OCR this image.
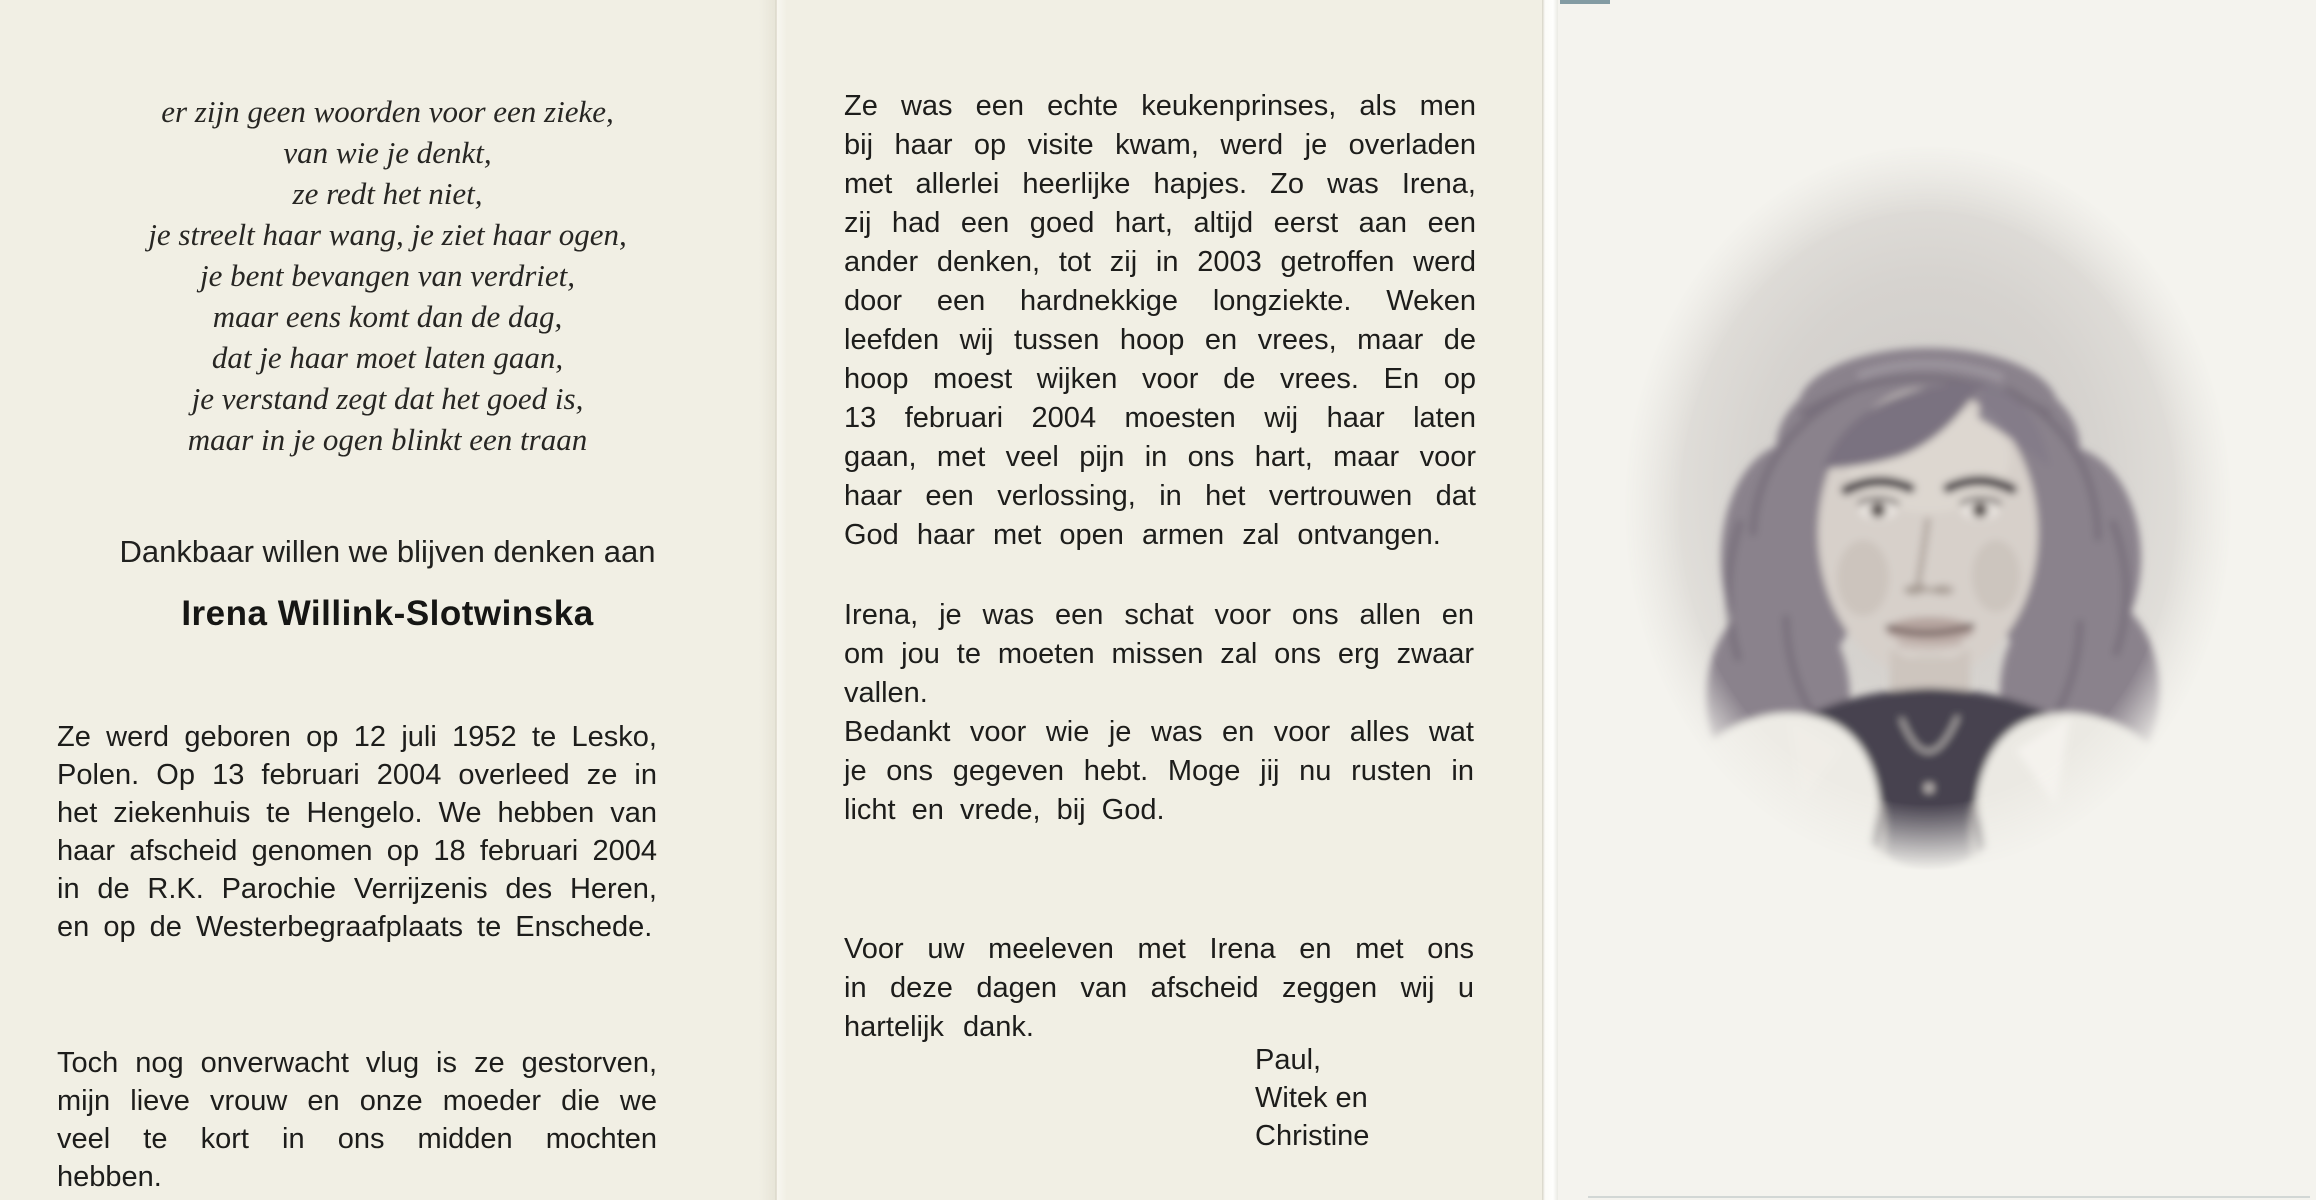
er zijn geen woorden voor een zieke,
van wie je denkt,
ze redt het niet,
je streelt haar wang, je ziet haar ogen,
je bent bevangen van verdriet,
maar eens komt dan de dag,
dat je haar moet laten gaan,
je verstand zegt dat het goed is,
maar in je ogen blinkt een traan
Dankbaar willen we blijven denken aan
Irena Willink-Slotwinska

Ze werd geboren op 12 juli 1952 te Lesko, Polen. Op 13 februari 2004 overleed ze in het ziekenhuis te Hengelo. We hebben van haar afscheid genomen op 18 februari 2004 in de R.K. Parochie Verrijzenis des Heren, en op de Westerbegraafplaats te Enschede.

Toch nog onverwacht vlug is ze gestorven, mijn lieve vrouw en onze moeder die we veel te kort in ons midden mochten hebben.

Ze was een echte keukenprinses, als men bij haar op visite kwam, werd je overladen met allerlei heerlijke hapjes. Zo was Irena, zij had een goed hart, altijd eerst aan een ander denken, tot zij in 2003 getroffen werd door een hardnekkige longziekte. Weken leefden wij tussen hoop en vrees, maar de hoop moest wijken voor de vrees. En op 13 februari 2004 moesten wij haar laten gaan, met veel pijn in ons hart, maar voor haar een verlossing, in het vertrouwen dat God haar met open armen zal ontvangen.

Irena, je was een schat voor ons allen en om jou te moeten missen zal ons erg zwaar vallen.

Bedankt voor wie je was en voor alles wat je ons gegeven hebt. Moge jij nu rusten in licht en vrede, bij God.

Voor uw meeleven met Irena en met ons in deze dagen van afscheid zeggen wij u hartelijk dank.

Paul,
Witek en
Christine
